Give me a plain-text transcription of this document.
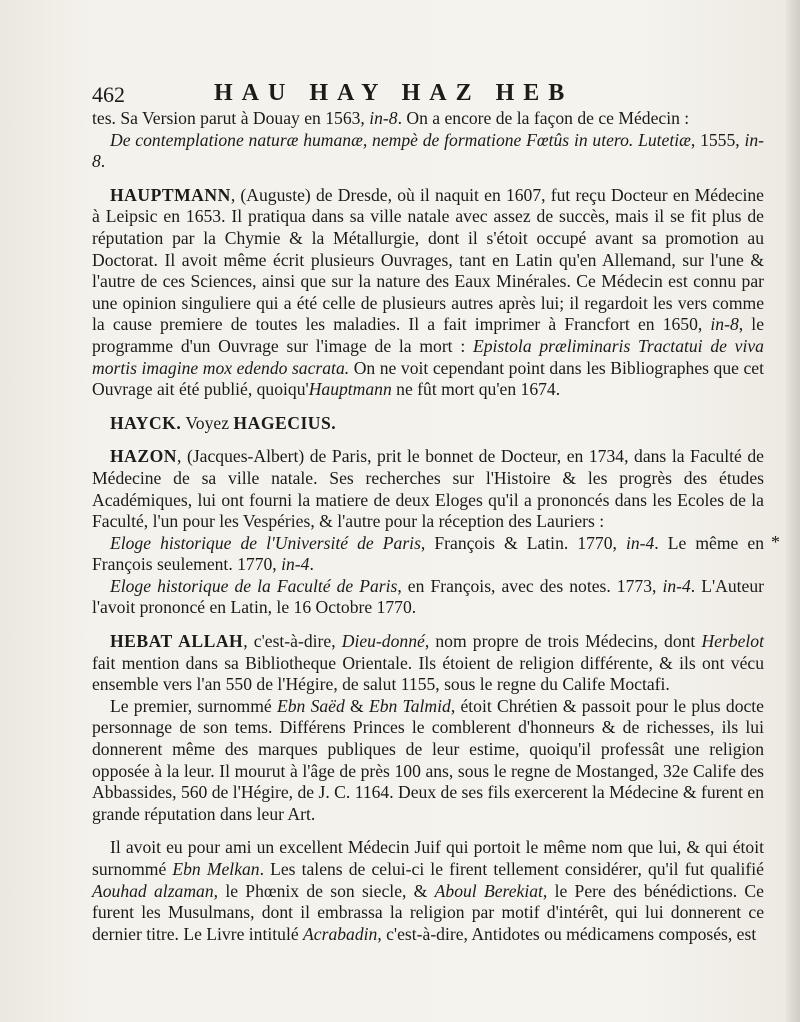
462	HAU HAY HAZ HEB

tes. Sa Version parut à Douay en 1563, in-8. On a encore de la façon de ce Médecin :

De contemplatione naturæ humanæ, nempè de formatione Fœtûs in utero. Lutetiæ, 1555, in-8.

HAUPTMANN, (Auguste) de Dresde, où il naquit en 1607, fut reçu Docteur en Médecine à Leipsic en 1653. Il pratiqua dans sa ville natale avec assez de succès, mais il se fit plus de réputation par la Chymie & la Métallurgie, dont il s'étoit occupé avant sa promotion au Doctorat. Il avoit même écrit plusieurs Ouvrages, tant en Latin qu'en Allemand, sur l'une & l'autre de ces Sciences, ainsi que sur la nature des Eaux Minérales. Ce Médecin est connu par une opinion singuliere qui a été celle de plusieurs autres après lui; il regardoit les vers comme la cause premiere de toutes les maladies. Il a fait imprimer à Francfort en 1650, in-8, le programme d'un Ouvrage sur l'image de la mort : Epistola præliminaris Tractatui de viva mortis imagine mox edendo sacrata. On ne voit cependant point dans les Bibliographes que cet Ouvrage ait été publié, quoiqu'Hauptmann ne fût mort qu'en 1674.

HAYCK. Voyez HAGECIUS.

HAZON, (Jacques-Albert) de Paris, prit le bonnet de Docteur, en 1734, dans la Faculté de Médecine de sa ville natale. Ses recherches sur l'Histoire & les progrès des études Académiques, lui ont fourni la matiere de deux Eloges qu'il a prononcés dans les Ecoles de la Faculté, l'un pour les Vespéries, & l'autre pour la réception des Lauriers :

Eloge historique de l'Université de Paris, François & Latin. 1770, in-4. Le même en François seulement. 1770, in-4.

Eloge historique de la Faculté de Paris, en François, avec des notes. 1773, in-4. L'Auteur l'avoit prononcé en Latin, le 16 Octobre 1770.

HEBAT ALLAH, c'est-à-dire, Dieu-donné, nom propre de trois Médecins, dont Herbelot fait mention dans sa Bibliotheque Orientale. Ils étoient de religion différente, & ils ont vécu ensemble vers l'an 550 de l'Hégire, de salut 1155, sous le regne du Calife Moctafi.

Le premier, surnommé Ebn Saëd & Ebn Talmid, étoit Chrétien & passoit pour le plus docte personnage de son tems. Différens Princes le comblerent d'honneurs & de richesses, ils lui donnerent même des marques publiques de leur estime, quoiqu'il professât une religion opposée à la leur. Il mourut à l'âge de près 100 ans, sous le regne de Mostanged, 32e Calife des Abbassides, 560 de l'Hégire, de J. C. 1164. Deux de ses fils exercerent la Médecine & furent en grande réputation dans leur Art.

Il avoit eu pour ami un excellent Médecin Juif qui portoit le même nom que lui, & qui étoit surnommé Ebn Melkan. Les talens de celui-ci le firent tellement considérer, qu'il fut qualifié Aouhad alzaman, le Phœnix de son siecle, & Aboul Berekiat, le Pere des bénédictions. Ce furent les Musulmans, dont il embrassa la religion par motif d'intérêt, qui lui donnerent ce dernier titre. Le Livre intitulé Acrabadin, c'est-à-dire, Antidotes ou médicamens composés, est

*
